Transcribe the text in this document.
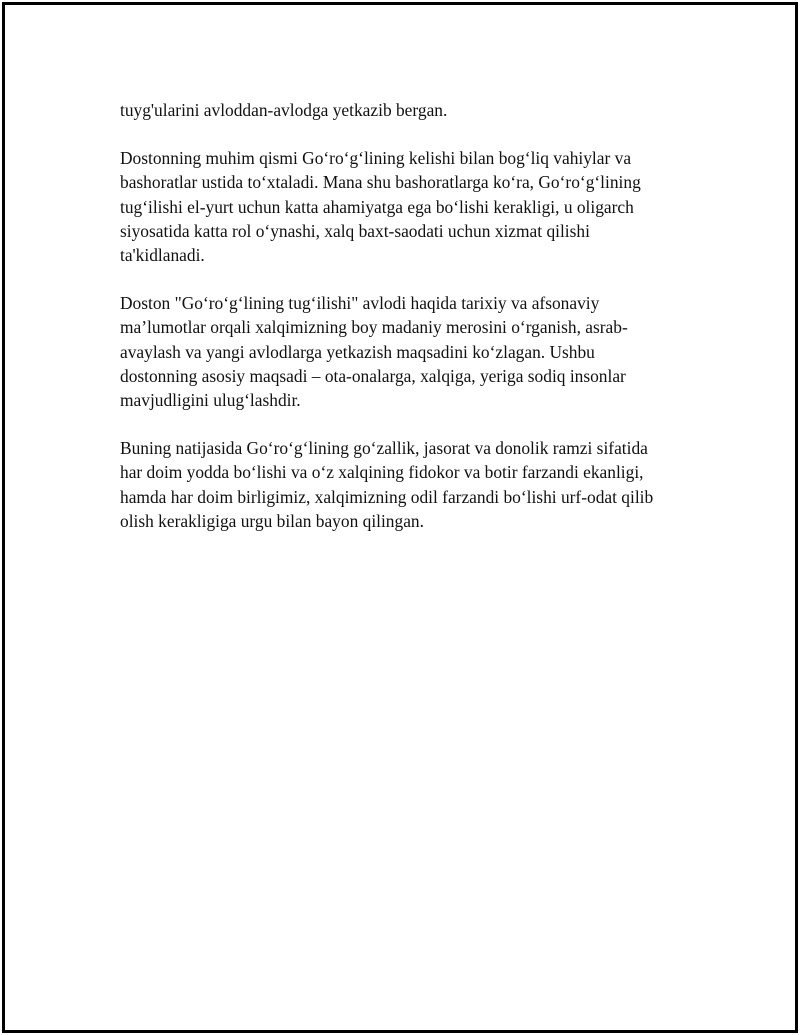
tuyg'ularini avloddan-avlodga yetkazib bergan.

Dostonning muhim qismi Go‘ro‘g‘lining kelishi bilan bog‘liq vahiylar va
bashoratlar ustida to‘xtaladi. Mana shu bashoratlarga ko‘ra, Go‘ro‘g‘lining
tug‘ilishi el-yurt uchun katta ahamiyatga ega bo‘lishi kerakligi, u oligarch
siyosatida katta rol o‘ynashi, xalq baxt-saodati uchun xizmat qilishi
ta'kidlanadi.

Doston "Go‘ro‘g‘lining tug‘ilishi" avlodi haqida tarixiy va afsonaviy
ma’lumotlar orqali xalqimizning boy madaniy merosini o‘rganish, asrab-
avaylash va yangi avlodlarga yetkazish maqsadini ko‘zlagan. Ushbu
dostonning asosiy maqsadi – ota-onalarga, xalqiga, yeriga sodiq insonlar
mavjudligini ulug‘lashdir.

Buning natijasida Go‘ro‘g‘lining go‘zallik, jasorat va donolik ramzi sifatida
har doim yodda bo‘lishi va o‘z xalqining fidokor va botir farzandi ekanligi,
hamda har doim birligimiz, xalqimizning odil farzandi bo‘lishi urf-odat qilib
olish kerakligiga urgu bilan bayon qilingan.
